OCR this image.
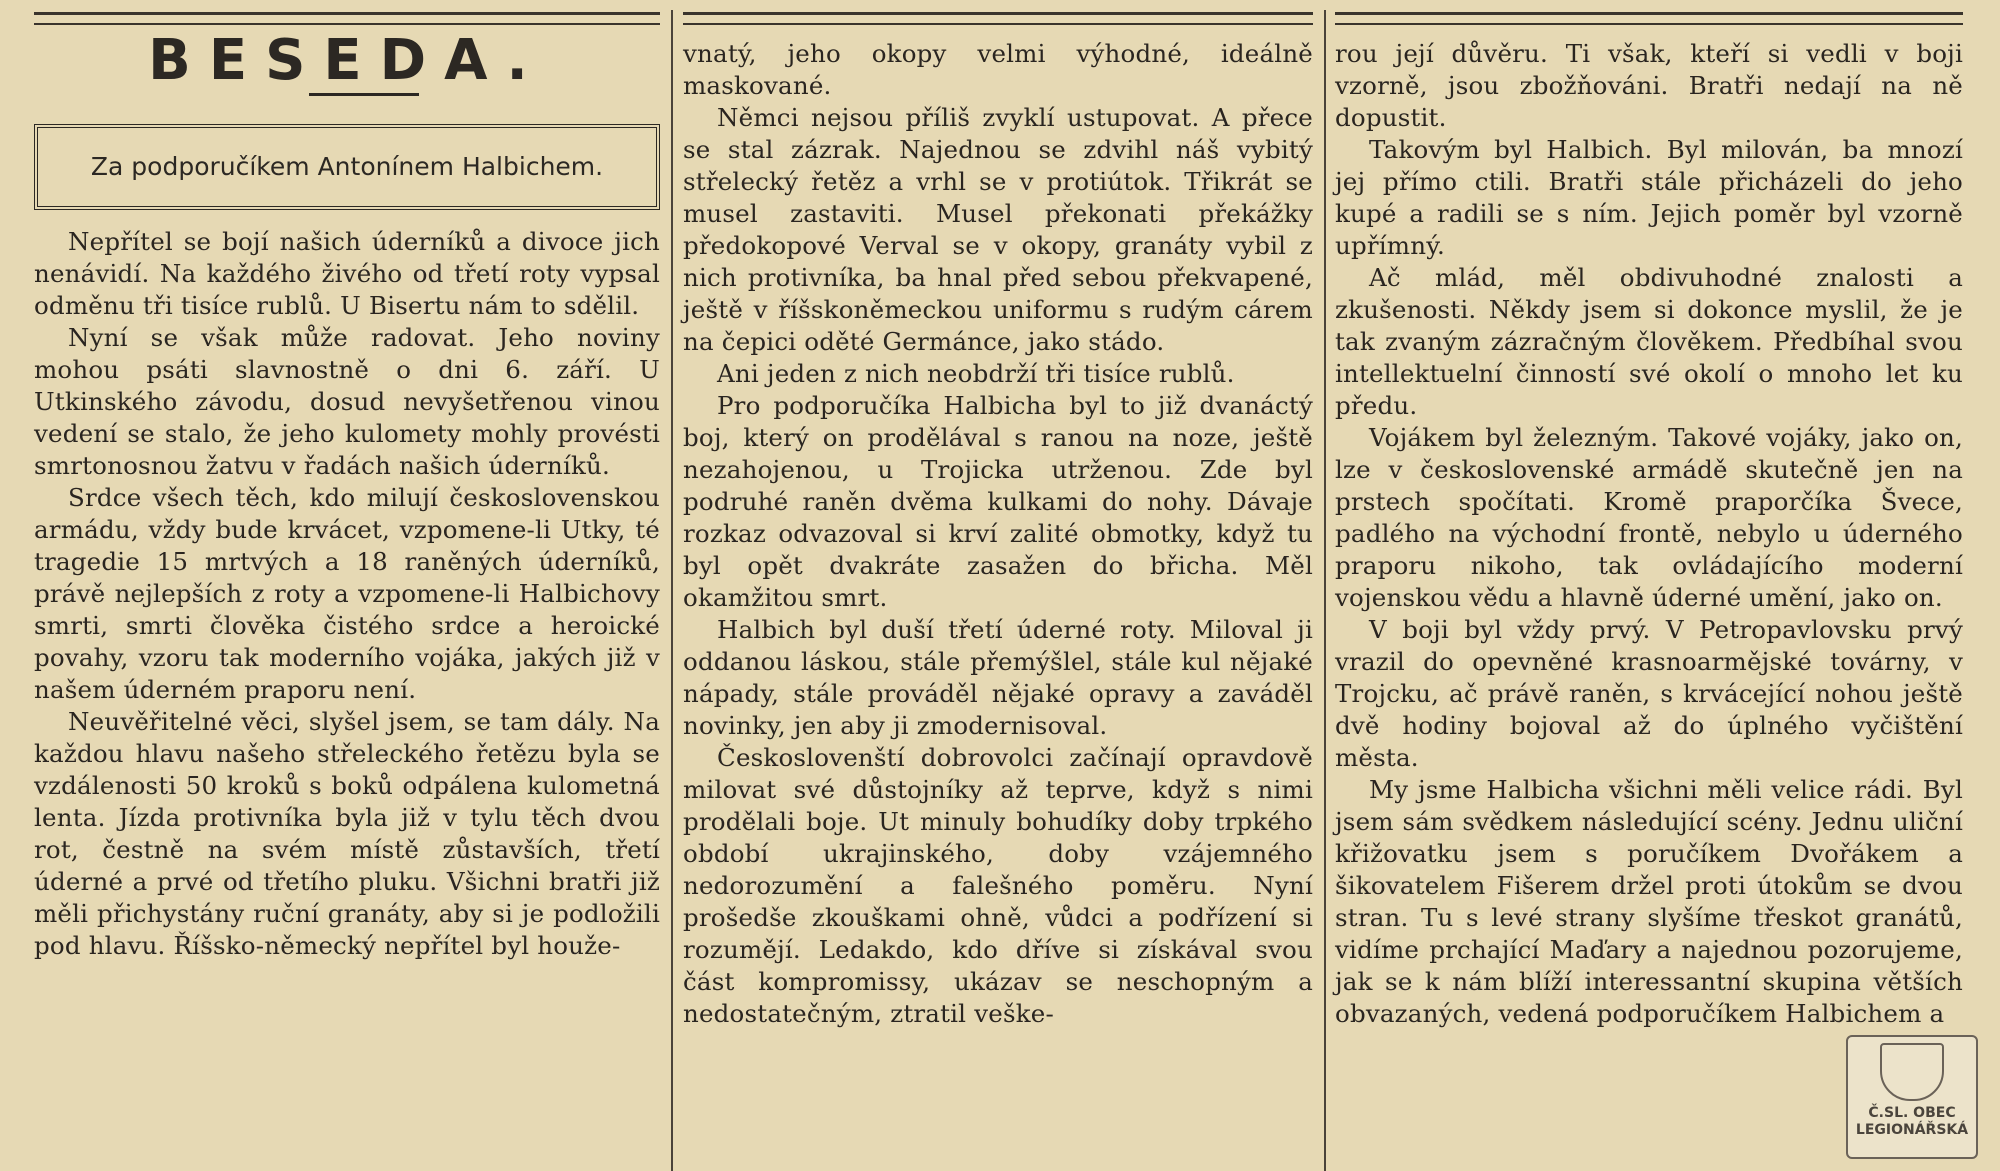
BESEDA.
Za podporučíkem Antonínem Halbichem.

Nepřítel se bojí našich úderníků a divoce jich nenávidí. Na každého živého od třetí roty vypsal odměnu tři tisíce rublů. U Bisertu nám to sdělil.

Nyní se však může radovat. Jeho noviny mohou psáti slavnostně o dni 6. září. U Utkinského závodu, dosud nevyšetřenou vinou vedení se stalo, že jeho kulomety mohly provésti smrtonosnou žatvu v řadách našich úderníků.

Srdce všech těch, kdo milují československou armádu, vždy bude krvácet, vzpomene-li Utky, té tragedie 15 mrtvých a 18 raněných úderníků, právě nejlepších z roty a vzpomene-li Halbichovy smrti, smrti člověka čistého srdce a heroické povahy, vzoru tak moderního vojáka, jakých již v našem úderném praporu není.

Neuvěřitelné věci, slyšel jsem, se tam dály. Na každou hlavu našeho střeleckého řetězu byla se vzdálenosti 50 kroků s boků odpálena kulometná lenta. Jízda protivníka byla již v tylu těch dvou rot, čestně na svém místě zůstavších, třetí úderné a prvé od třetího pluku. Všichni bratři již měli přichystány ruční granáty, aby si je podložili pod hlavu. Říšsko-německý nepřítel byl houže-

vnatý, jeho okopy velmi výhodné, ideálně maskované.

Němci nejsou příliš zvyklí ustupovat. A přece se stal zázrak. Najednou se zdvihl náš vybitý střelecký řetěz a vrhl se v protiútok. Třikrát se musel zastaviti. Musel překonati překážky předokopové Verval se v okopy, granáty vybil z nich protivníka, ba hnal před sebou překvapené, ještě v říšskoněmeckou uniformu s rudým cárem na čepici oděté Germánce, jako stádo.

Ani jeden z nich neobdrží tři tisíce rublů.

Pro podporučíka Halbicha byl to již dvanáctý boj, který on prodělával s ranou na noze, ještě nezahojenou, u Trojicka utrženou. Zde byl podruhé raněn dvěma kulkami do nohy. Dávaje rozkaz odvazoval si krví zalité obmotky, když tu byl opět dvakráte zasažen do břicha. Měl okamžitou smrt.

Halbich byl duší třetí úderné roty. Miloval ji oddanou láskou, stále přemýšlel, stále kul nějaké nápady, stále prováděl nějaké opravy a zaváděl novinky, jen aby ji zmodernisoval.

Českoslovenští dobrovolci začínají opravdově milovat své důstojníky až teprve, když s nimi prodělali boje. Ut minuly bohudíky doby trpkého období ukrajinského, doby vzájemného nedorozumění a falešného poměru. Nyní prošedše zkouškami ohně, vůdci a podřízení si rozumějí. Ledakdo, kdo dříve si získával svou část kompromissy, ukázav se neschopným a nedostatečným, ztratil veške-

rou její důvěru. Ti však, kteří si vedli v boji vzorně, jsou zbožňováni. Bratři nedají na ně dopustit.

Takovým byl Halbich. Byl milován, ba mnozí jej přímo ctili. Bratři stále přicházeli do jeho kupé a radili se s ním. Jejich poměr byl vzorně upřímný.

Ač mlád, měl obdivuhodné znalosti a zkušenosti. Někdy jsem si dokonce myslil, že je tak zvaným zázračným člověkem. Předbíhal svou intellektuelní činností své okolí o mnoho let ku předu.

Vojákem byl železným. Takové vojáky, jako on, lze v československé armádě skutečně jen na prstech spočítati. Kromě praporčíka Švece, padlého na východní frontě, nebylo u úderného praporu nikoho, tak ovládajícího moderní vojenskou vědu a hlavně úderné umění, jako on.

V boji byl vždy prvý. V Petropavlovsku prvý vrazil do opevněné krasnoarmějské továrny, v Trojcku, ač právě raněn, s krvácející nohou ještě dvě hodiny bojoval až do úplného vyčištění města.

My jsme Halbicha všichni měli velice rádi. Byl jsem sám svědkem následující scény. Jednu uliční křižovatku jsem s poručíkem Dvořákem a šikovatelem Fišerem držel proti útokům se dvou stran. Tu s levé strany slyšíme třeskot granátů, vidíme prchající Maďary a najednou pozorujeme, jak se k nám blíží interessantní skupina větších obvazaných, vedená podporučíkem Halbichem a

Č.SL. OBEC
LEGIONÁŘSKÁ
